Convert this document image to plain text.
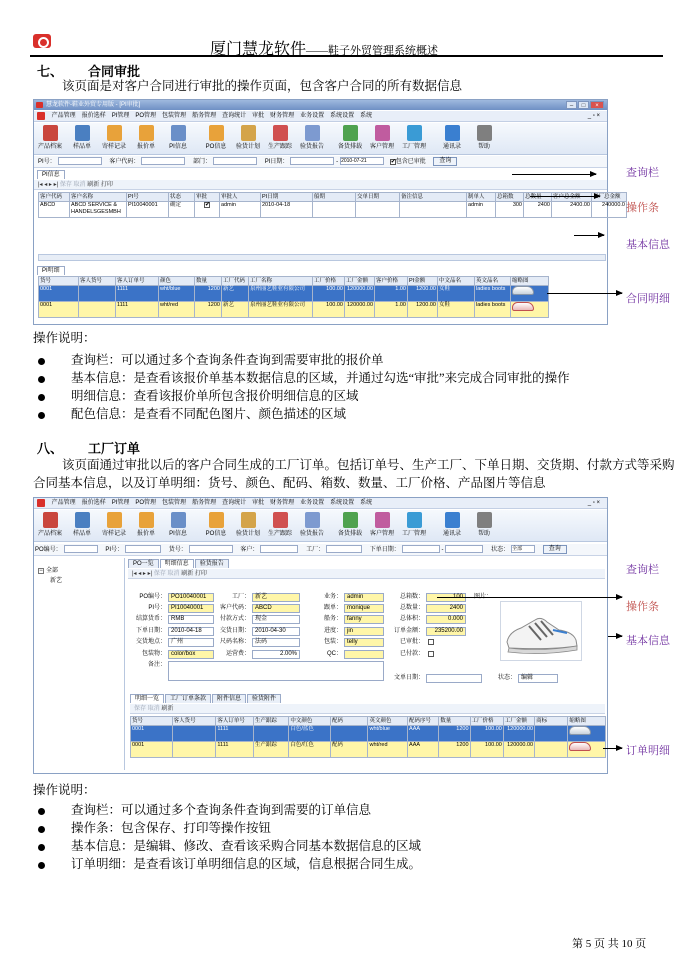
厦门慧龙软件——鞋子外贸管理系统概述
七、 合同审批
该页面是对客户合同进行审批的操作页面，包含客户合同的所有数据信息
慧龙软件-鞋业外贸专用版 - [PI审批]	– □ ×
产品管理 报价选样 PI管理 PO管理 包装管理 船务管理 查询统计 审批 财务管理 业务设置 系统设置 系统	_ ▫ ×
产品档案	样品单	寄样记录	报价单	PI信息	PO信息	验货计划	生产跟踪	验货报告	备货排载	客户管理	工厂管理	通讯录	帮助
PI号：	客户代码：	部门：	PI日期：	- 2010-07-21	✔包含已审批 查询
PI信息
|◂ ◂ ▸ ▸| 保存 取消 刷新 打印
客户代码	客户名称	PI号	状态	审批	审批人	PI日期	船期	交单日期	备注信息	制单人	总箱数	总数量	客户总金额	工厂总金额
ABCD	ABCD SERVICE & HANDELSGESMBH	PI10040001	确定	✔	admin	2010-04-18				admin	300	2400	2400.00	240000.0
PI明细
货号	客人货号	客人订单号	颜色	数量	工厂代码	工厂名称	工厂价格	工厂金额	客户价格	PI金额	中文品名	英文品名	缩略图
0001		1111	wht/blue	1200	新艺	泉州丽艺鞋业有限公司	100.00	120000.00	1.00	1200.00	女鞋	ladies boots	
0001		1111	wht/red	1200	新艺	泉州丽艺鞋业有限公司	100.00	120000.00	1.00	1200.00	女鞋	ladies boots	
查询栏
操作条
基本信息
合同明细
操作说明：
查询栏：可以通过多个查询条件查询到需要审批的报价单
基本信息：是查看该报价单基本数据信息的区域，并通过勾选“审批”来完成合同审批的操作
明细信息：查看该报价单所包含报价明细信息的区域
配色信息：是查看不同配色图片、颜色描述的区域
八、 工厂订单
该页面通过审批以后的客户合同生成的工厂订单。包括订单号、生产工厂、下单日期、交货期、付款方式等采购
合同基本信息，以及订单明细：货号、颜色、配码、箱数、数量、工厂价格、产品图片等信息
产品管理 报价选样 PI管理 PO管理 包装管理 船务管理 查询统计 审批 财务管理 业务设置 系统设置 系统	_ ▫ ×
产品档案	样品单	寄样记录	报价单	PI信息	PO信息	验货计划	生产跟踪	验货报告	备货排载	客户管理	工厂管理	通讯录	帮助
PO编号：	PI号：	货号：	客户：	工厂：	下单日期：	-	状态： 全部	查询
− 全部
新艺
PO一览 明细信息 验货报告
|◂ ◂ ▸ ▸| 保存 取消 刷新 打印
PO编号： PO10040001
PI号： PI10040001
结算货币： RMB
下单日期： 2010-04-18
交货地点： 广州
包装物： color/box
备注：
工厂： 新艺
客户代码： ABCD
付款方式： 现金
交货日期： 2010-04-30
尺码名称： 法码
运营费：	2.00%
业务： admin
跟单： monique
船务： fanny
进度： jin
包装： telly
QC：
总箱数：	100
总数量：	2400
总体积：	0.000
订单金额：	235200.00
已审批：
已付款：
文单日期：	状态： 编辑
图片：
明细一览 工厂订单条款 附件信息 验货附件
保存 取消 刷新
货号	客人货号	客人订单号	生产跟踪	中文颜色	配码	英文颜色	配码序号	数量	工厂价格	工厂金额	商标	缩略图
0001		1111		白色/蓝色		wht/blue	AAA	1200	100.00	120000.00		
0001		1111	生产跟踪	白色/红色	配码	wht/red	AAA	1200	100.00	120000.00		
查询栏
操作条
基本信息
订单明细
操作说明：
查询栏：可以通过多个查询条件查询到需要的订单信息
操作条：包含保存、打印等操作按钮
基本信息：是编辑、修改、查看该采购合同基本数据信息的区域
订单明细：是查看该订单明细信息的区域，信息根据合同生成。
第 5 页 共 10 页
